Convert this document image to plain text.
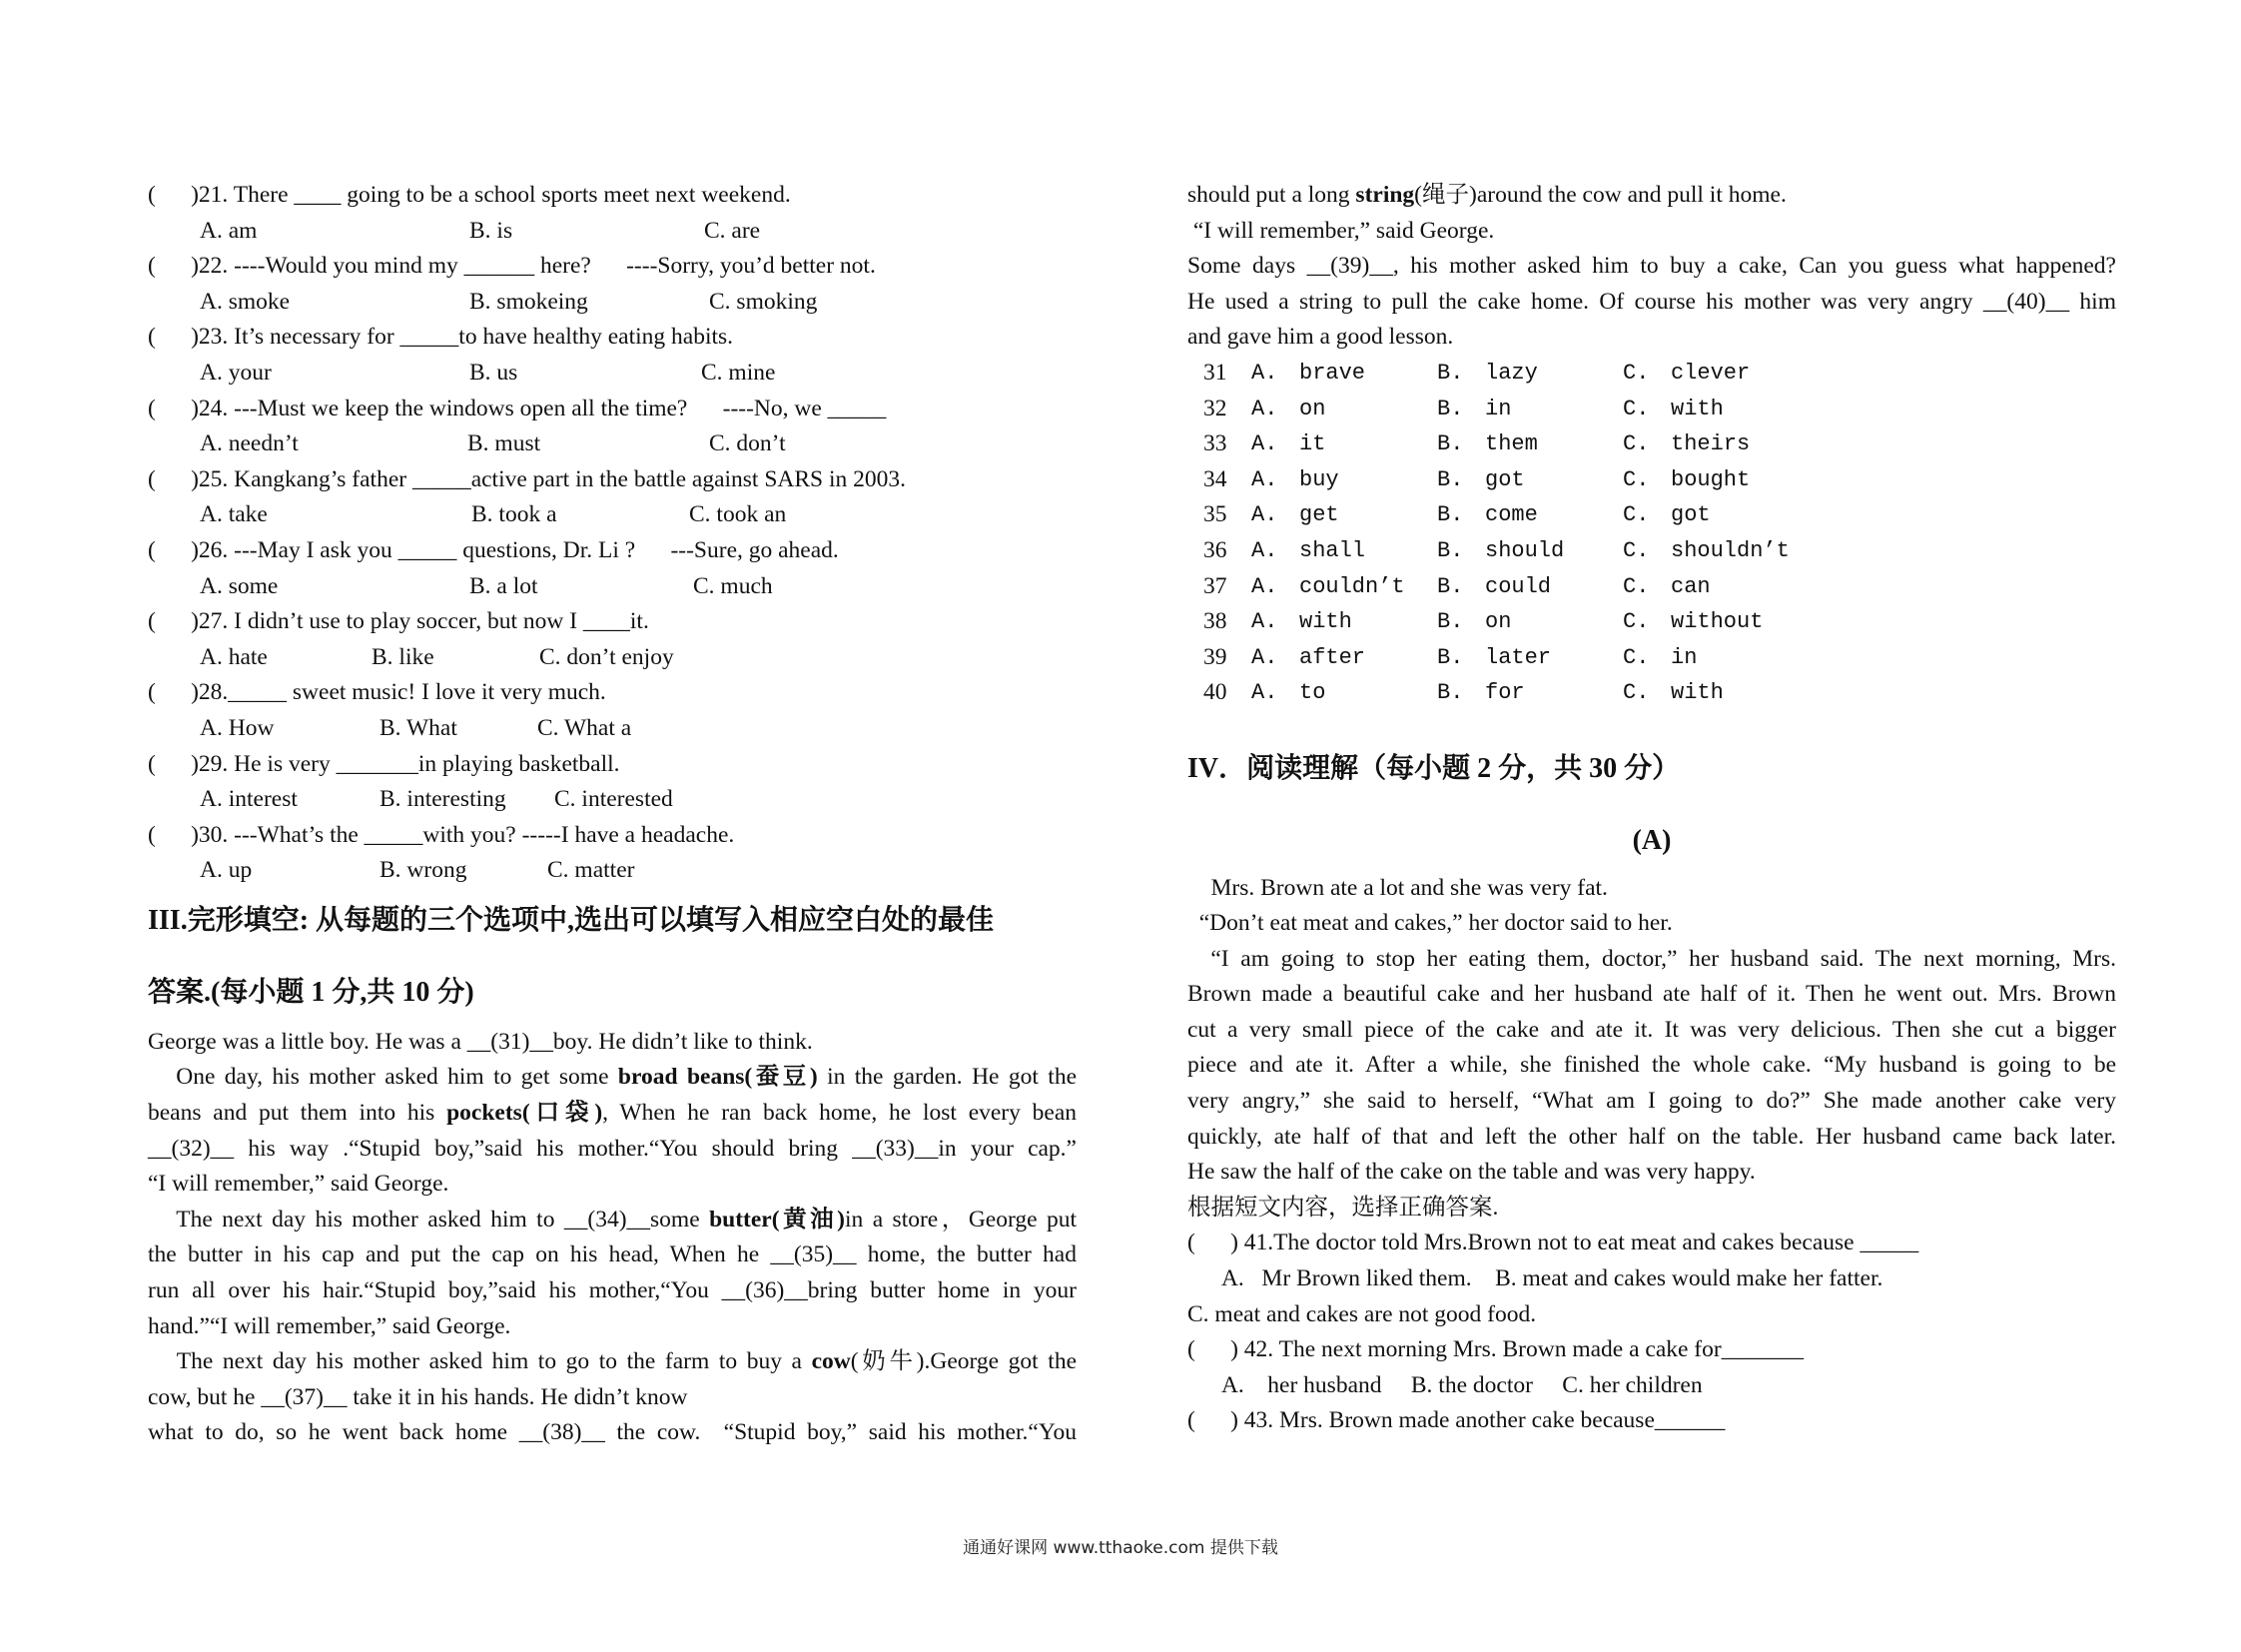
(      )21. There ____ going to be a school sports meet next weekend.
A. am	B. is	C. are
(      )22. ----Would you mind my ______ here?      ----Sorry, you’d better not.
A. smoke	B. smokeing	C. smoking
(      )23. It’s necessary for _____to have healthy eating habits.
A. your	B. us	C. mine
(      )24. ---Must we keep the windows open all the time?      ----No, we _____
A. needn’t	B. must	C. don’t
(      )25. Kangkang’s father _____active part in the battle against SARS in 2003.
A. take	B. took a	C. took an
(      )26. ---May I ask you _____ questions, Dr. Li ?      ---Sure, go ahead.
A. some	B. a lot	C. much
(      )27. I didn’t use to play soccer, but now I ____it.
A. hate	B. like	C. don’t enjoy
(      )28._____ sweet music! I love it very much.
A. How	B. What	C. What a
(      )29. He is very _______in playing basketball.
A. interest	B. interesting C. interested
(      )30. ---What’s the _____with you? -----I have a headache.
A. up	B. wrong	C. matter
III.完形填空: 从每题的三个选项中,选出可以填写入相应空白处的最佳
答案.(每小题 1 分,共 10 分)
George was a little boy. He was a __(31)__boy. He didn’t like to think.
One day, his mother asked him to get some broad beans(蚕豆) in the garden. He got the
beans and put them into his pockets(口袋), When he ran back home, he lost every bean
__(32)__ his way .“Stupid boy,”said his mother.“You should bring __(33)__in your cap.”
“I will remember,” said George.
The next day his mother asked him to __(34)__some butter(黄油)in a store，George put
the butter in his cap and put the cap on his head, When he __(35)__ home, the butter had
run all over his hair.“Stupid boy,”said his mother,“You __(36)__bring butter home in your
hand.”“I will remember,” said George.
The next day his mother asked him to go to the farm to buy a cow(奶牛).George got the
cow, but he __(37)__ take it in his hands. He didn’t know
what to do, so he went back home __(38)__ the cow.  “Stupid boy,” said his mother.“You
should put a long string(绳子)around the cow and pull it home.
“I will remember,” said George.
Some days __(39)__, his mother asked him to buy a cake, Can you guess what happened?
He used a string to pull the cake home. Of course his mother was very angry __(40)__ him
and gave him a good lesson.
31	A.	brave	B.	lazy	C.	clever
32	A.	on	B.	in	C.	with
33	A.	it	B.	them	C.	theirs
34	A.	buy	B.	got	C.	bought
35	A.	get	B.	come	C.	got
36	A.	shall	B.	should	C.	shouldn’t
37	A.	couldn’t	B.	could	C.	can
38	A.	with	B.	on	C.	without
39	A.	after	B.	later	C.	in
40	A.	to	B.	for	C.	with
IV．阅读理解（每小题 2 分，共 30 分）
(A)
Mrs. Brown ate a lot and she was very fat.
“Don’t eat meat and cakes,” her doctor said to her.
“I am going to stop her eating them, doctor,” her husband said. The next morning, Mrs.
Brown made a beautiful cake and her husband ate half of it. Then he went out. Mrs. Brown
cut a very small piece of the cake and ate it. It was very delicious. Then she cut a bigger
piece and ate it. After a while, she finished the whole cake. “My husband is going to be
very angry,” she said to herself, “What am I going to do?” She made another cake very
quickly, ate half of that and left the other half on the table. Her husband came back later.
He saw the half of the cake on the table and was very happy.
根据短文内容，选择正确答案.
(      ) 41.The doctor told Mrs.Brown not to eat meat and cakes because _____
A.   Mr Brown liked them.    B. meat and cakes would make her fatter.
C. meat and cakes are not good food.
(      ) 42. The next morning Mrs. Brown made a cake for_______
A.    her husband     B. the doctor     C. her children
(      ) 43. Mrs. Brown made another cake because______
通通好课网 www.tthaoke.com 提供下载
